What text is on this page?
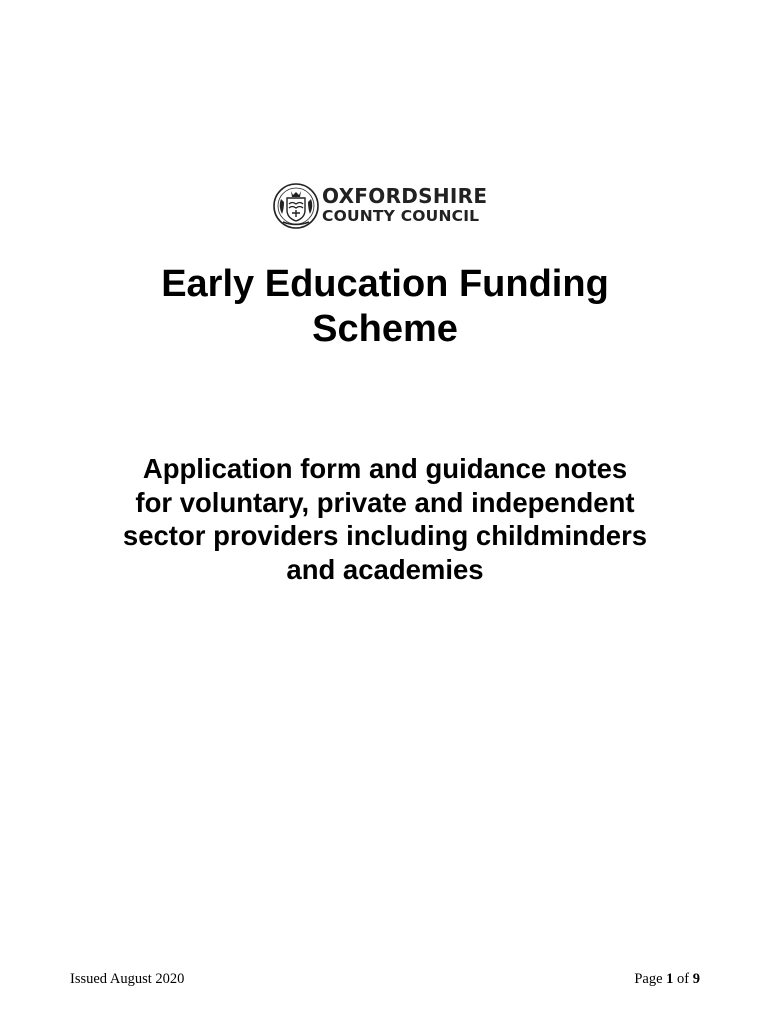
OXFORDSHIRE
COUNTY COUNCIL
Early Education Funding
Scheme
Application form and guidance notes
for voluntary, private and independent
sector providers including childminders
and academies
Issued August 2020	Page 1 of 9
